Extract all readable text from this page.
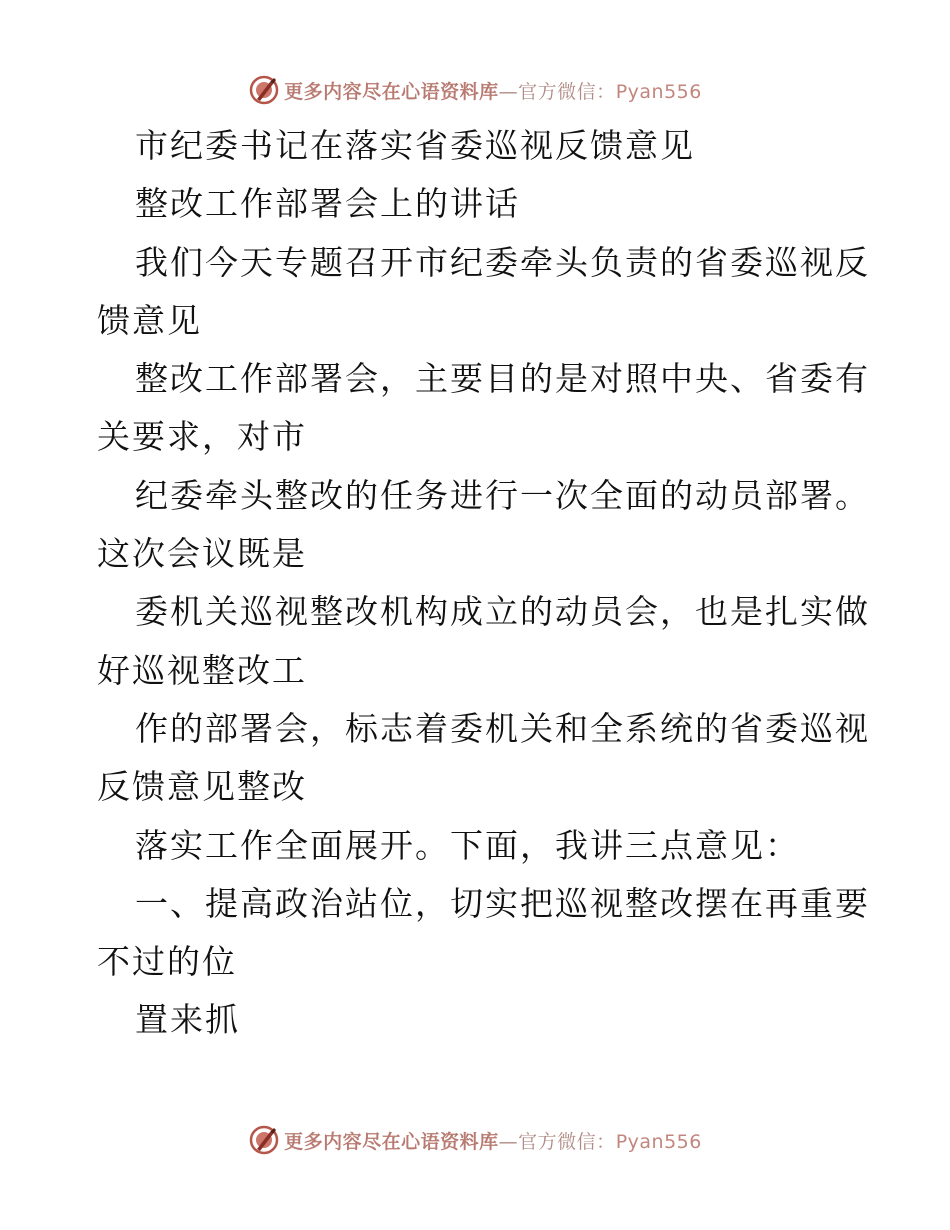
更多内容尽在心语资料库—官方微信：Pyan556
市纪委书记在落实省委巡视反馈意见
整改工作部署会上的讲话
我们今天专题召开市纪委牵头负责的省委巡视反
馈意见
整改工作部署会，主要目的是对照中央、省委有
关要求，对市
纪委牵头整改的任务进行一次全面的动员部署。
这次会议既是
委机关巡视整改机构成立的动员会，也是扎实做
好巡视整改工
作的部署会，标志着委机关和全系统的省委巡视
反馈意见整改
落实工作全面展开。下面，我讲三点意见：
一、提高政治站位，切实把巡视整改摆在再重要
不过的位
置来抓
更多内容尽在心语资料库—官方微信：Pyan556
